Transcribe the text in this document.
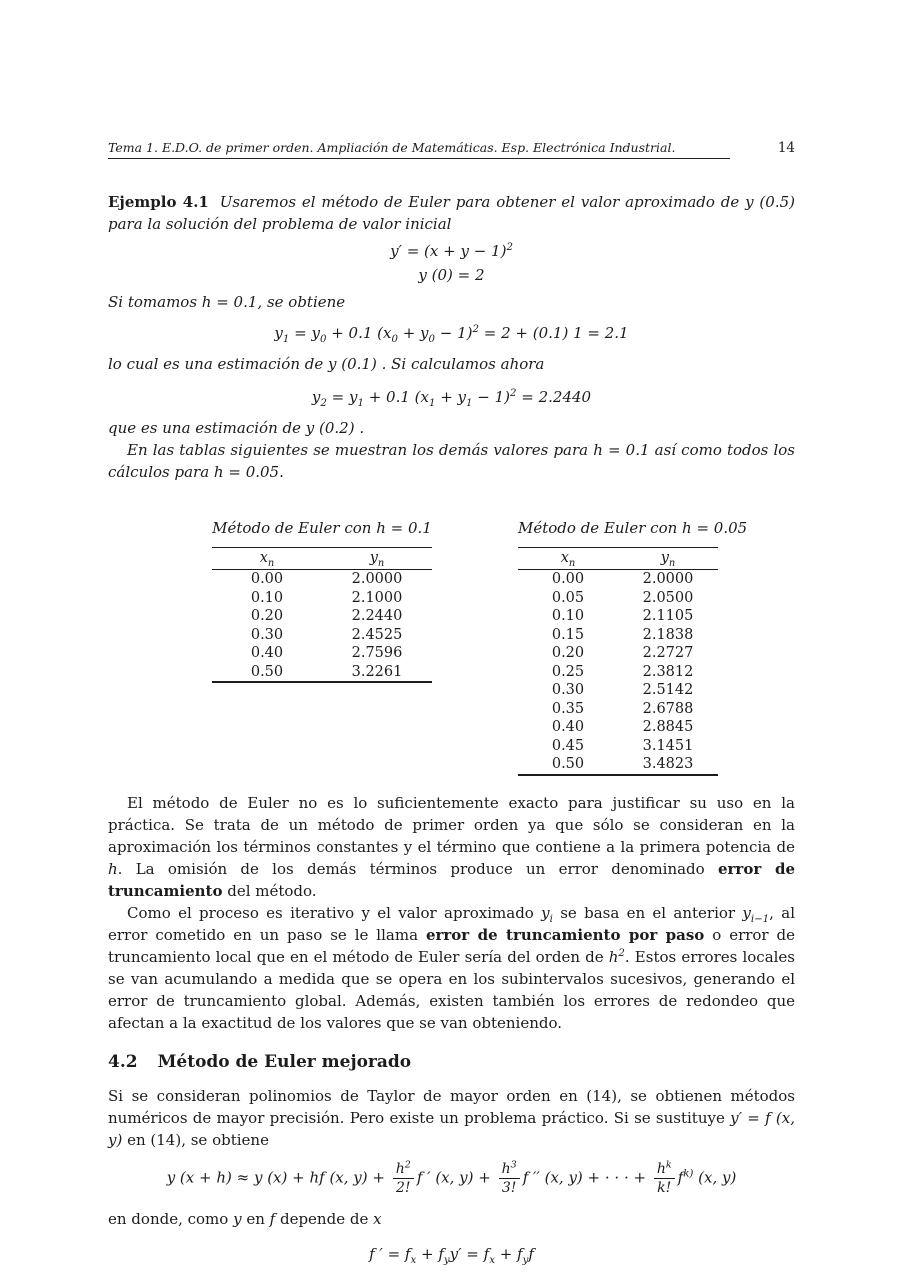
Tema 1. E.D.O. de primer orden. Ampliación de Matemáticas. Esp. Electrónica Industrial.	14

Ejemplo 4.1 Usaremos el método de Euler para obtener el valor aproximado de y (0.5) para la solución del problema de valor inicial

$y' = (x + y - 1)^2$
y (0) = 2

Si tomamos h = 0.1, se obtiene

$y_1 = y_0 + 0.1$ $(x_0 + y_0 - 1)^2 = 2 + (0.1) 1 = 2.1$

lo cual es una estimación de y (0.1) . Si calculamos ahora

$y_2 = y_1 + 0.1$ $(x_1 + y_1 - 1)^2 = 2.2440$

que es una estimación de y (0.2) .

En las tablas siguientes se muestran los demás valores para h = 0.1 así como todos los cálculos para h = 0.05.

Método de Euler con h = 0.1
$x_n$	$y_n$
0.00	2.0000
0.10	2.1000
0.20	2.2440
0.30	2.4525
0.40	2.7596
0.50	3.2261
Método de Euler con h = 0.05
$x_n$	$y_n$
0.00	2.0000
0.05	2.0500
0.10	2.1105
0.15	2.1838
0.20	2.2727
0.25	2.3812
0.30	2.5142
0.35	2.6788
0.40	2.8845
0.45	3.1451
0.50	3.4823

El método de Euler no es lo suficientemente exacto para justificar su uso en la práctica. Se trata de un método de primer orden ya que sólo se consideran en la aproximación los términos constantes y el término que contiene a la primera potencia de h. La omisión de los demás términos produce un error denominado error de truncamiento del método.

Como el proceso es iterativo y el valor aproximado $y_i$ se basa en el anterior $y_{i-1}$, al error cometido en un paso se le llama error de truncamiento por paso o error de truncamiento local que en el método de Euler sería del orden de $h^2$. Estos errores locales se van acumulando a medida que se opera en los subintervalos sucesivos, generando el error de truncamiento global. Además, existen también los errores de redondeo que afectan a la exactitud de los valores que se van obteniendo.

4.2 Método de Euler mejorado

Si se consideran polinomios de Taylor de mayor orden en (14), se obtienen métodos numéricos de mayor precisión. Pero existe un problema práctico. Si se sustituye y′ = f (x, y) en (14), se obtiene

y (x + h) ≈ y (x) + hf (x, $y) + \frac{h^2}{2!}$ f ′ (x, $y) + \frac{h^3}{3!}$ f ′′ (x, y) + · · · + $\frac{h^k}{k!} f^{k)}$ (x, y)

en donde, como y en f depende de x

f ′ = $f_x + f_yy' = f_x + f_yf$
